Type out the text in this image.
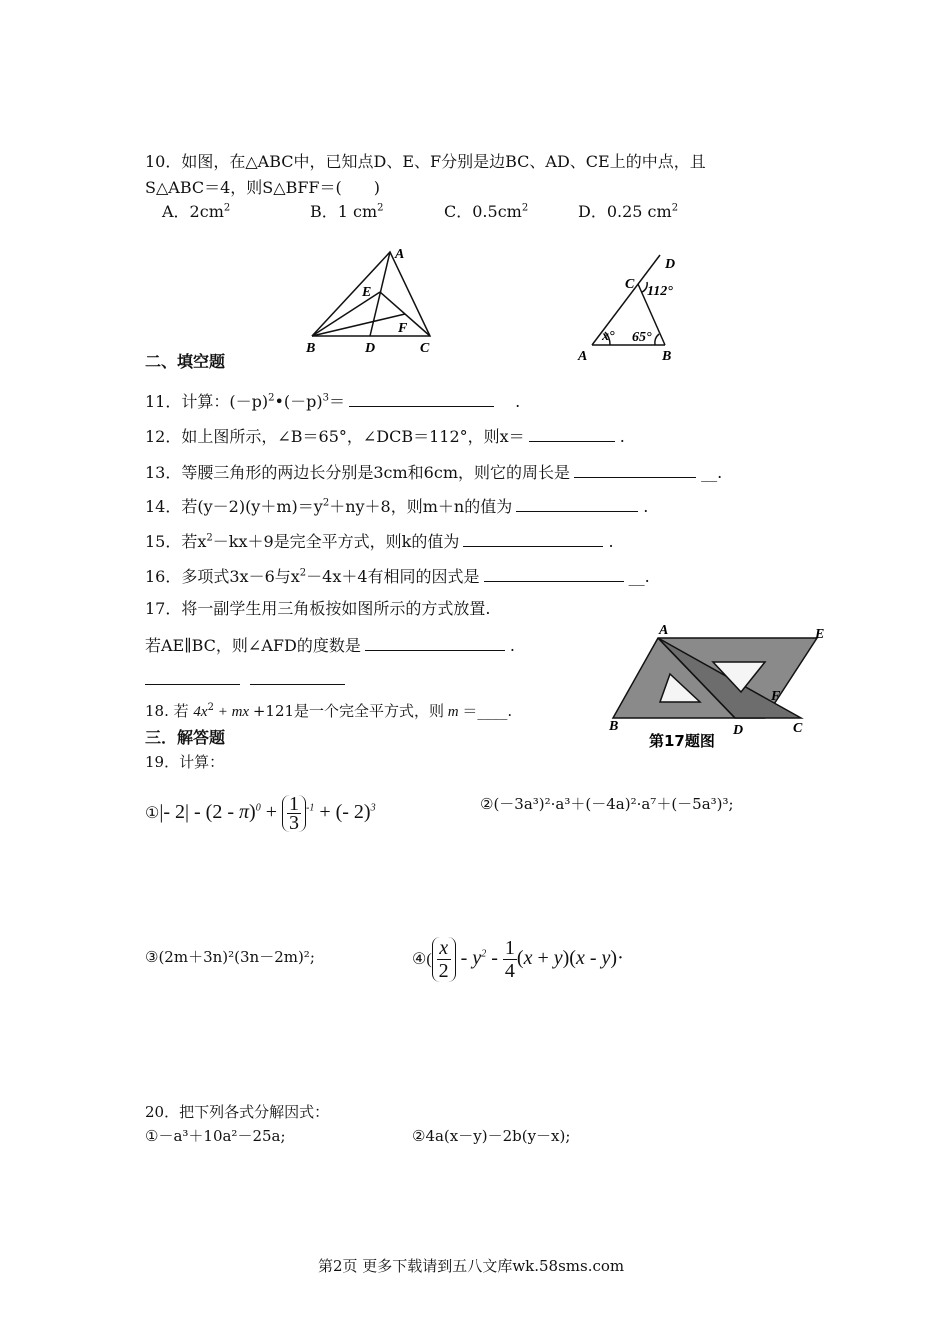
10．如图，在△ABC中，已知点D、E、F分别是边BC、AD、CE上的中点，且
S△ABC＝4，则S△BFF＝(　　)
A．$2cm^2$	B．1 $cm^2$	C．$0.5cm^2$	D．0.25 $cm^2$
A
E
F
B	D	C
D
C 112°
x° 65°
A	B
二、填空题
11．计算：$(-p)^2•(-p)^3=$	　 .
12．如上图所示，∠B＝65°，∠DCB＝112°，则x＝	.
13．等腰三角形的两边长分别是3cm和6cm，则它的周长是	__.
14．若$(y-2)(y+m)=y^2+ny+8$，则m＋n的值为	.
15．若$x^2-kx+9$是完全平方式，则k的值为	.
16．多项式3x－6与$x^2-4x+4$有相同的因式是	__.
17．将一副学生用三角板按如图所示的方式放置.
若AE∥BC，则∠AFD的度数是	.
A	E
F
B	D	C
第17题图
18. 若 $4x^2$ + mx +121是一个完全平方式，则 m ＝____.
三．解答题
19．计算：
①|- 2| - (2 - π)$^0$ + 1
$3^{-1}$ + (- 2)$^3$	②(－3a³)²·a³＋(－4a)²·a⁷＋(－5a³)³;
③(2m＋3n)²(3n－2m)²;	$④(\frac{x}{2} - y^2 - 1$
4(x + y)(x - y)·
20．把下列各式分解因式：
①－a³＋10a²－25a;	②4a(x－y)－2b(y－x);
第2页 更多下载请到五八文库wk.58sms.com
